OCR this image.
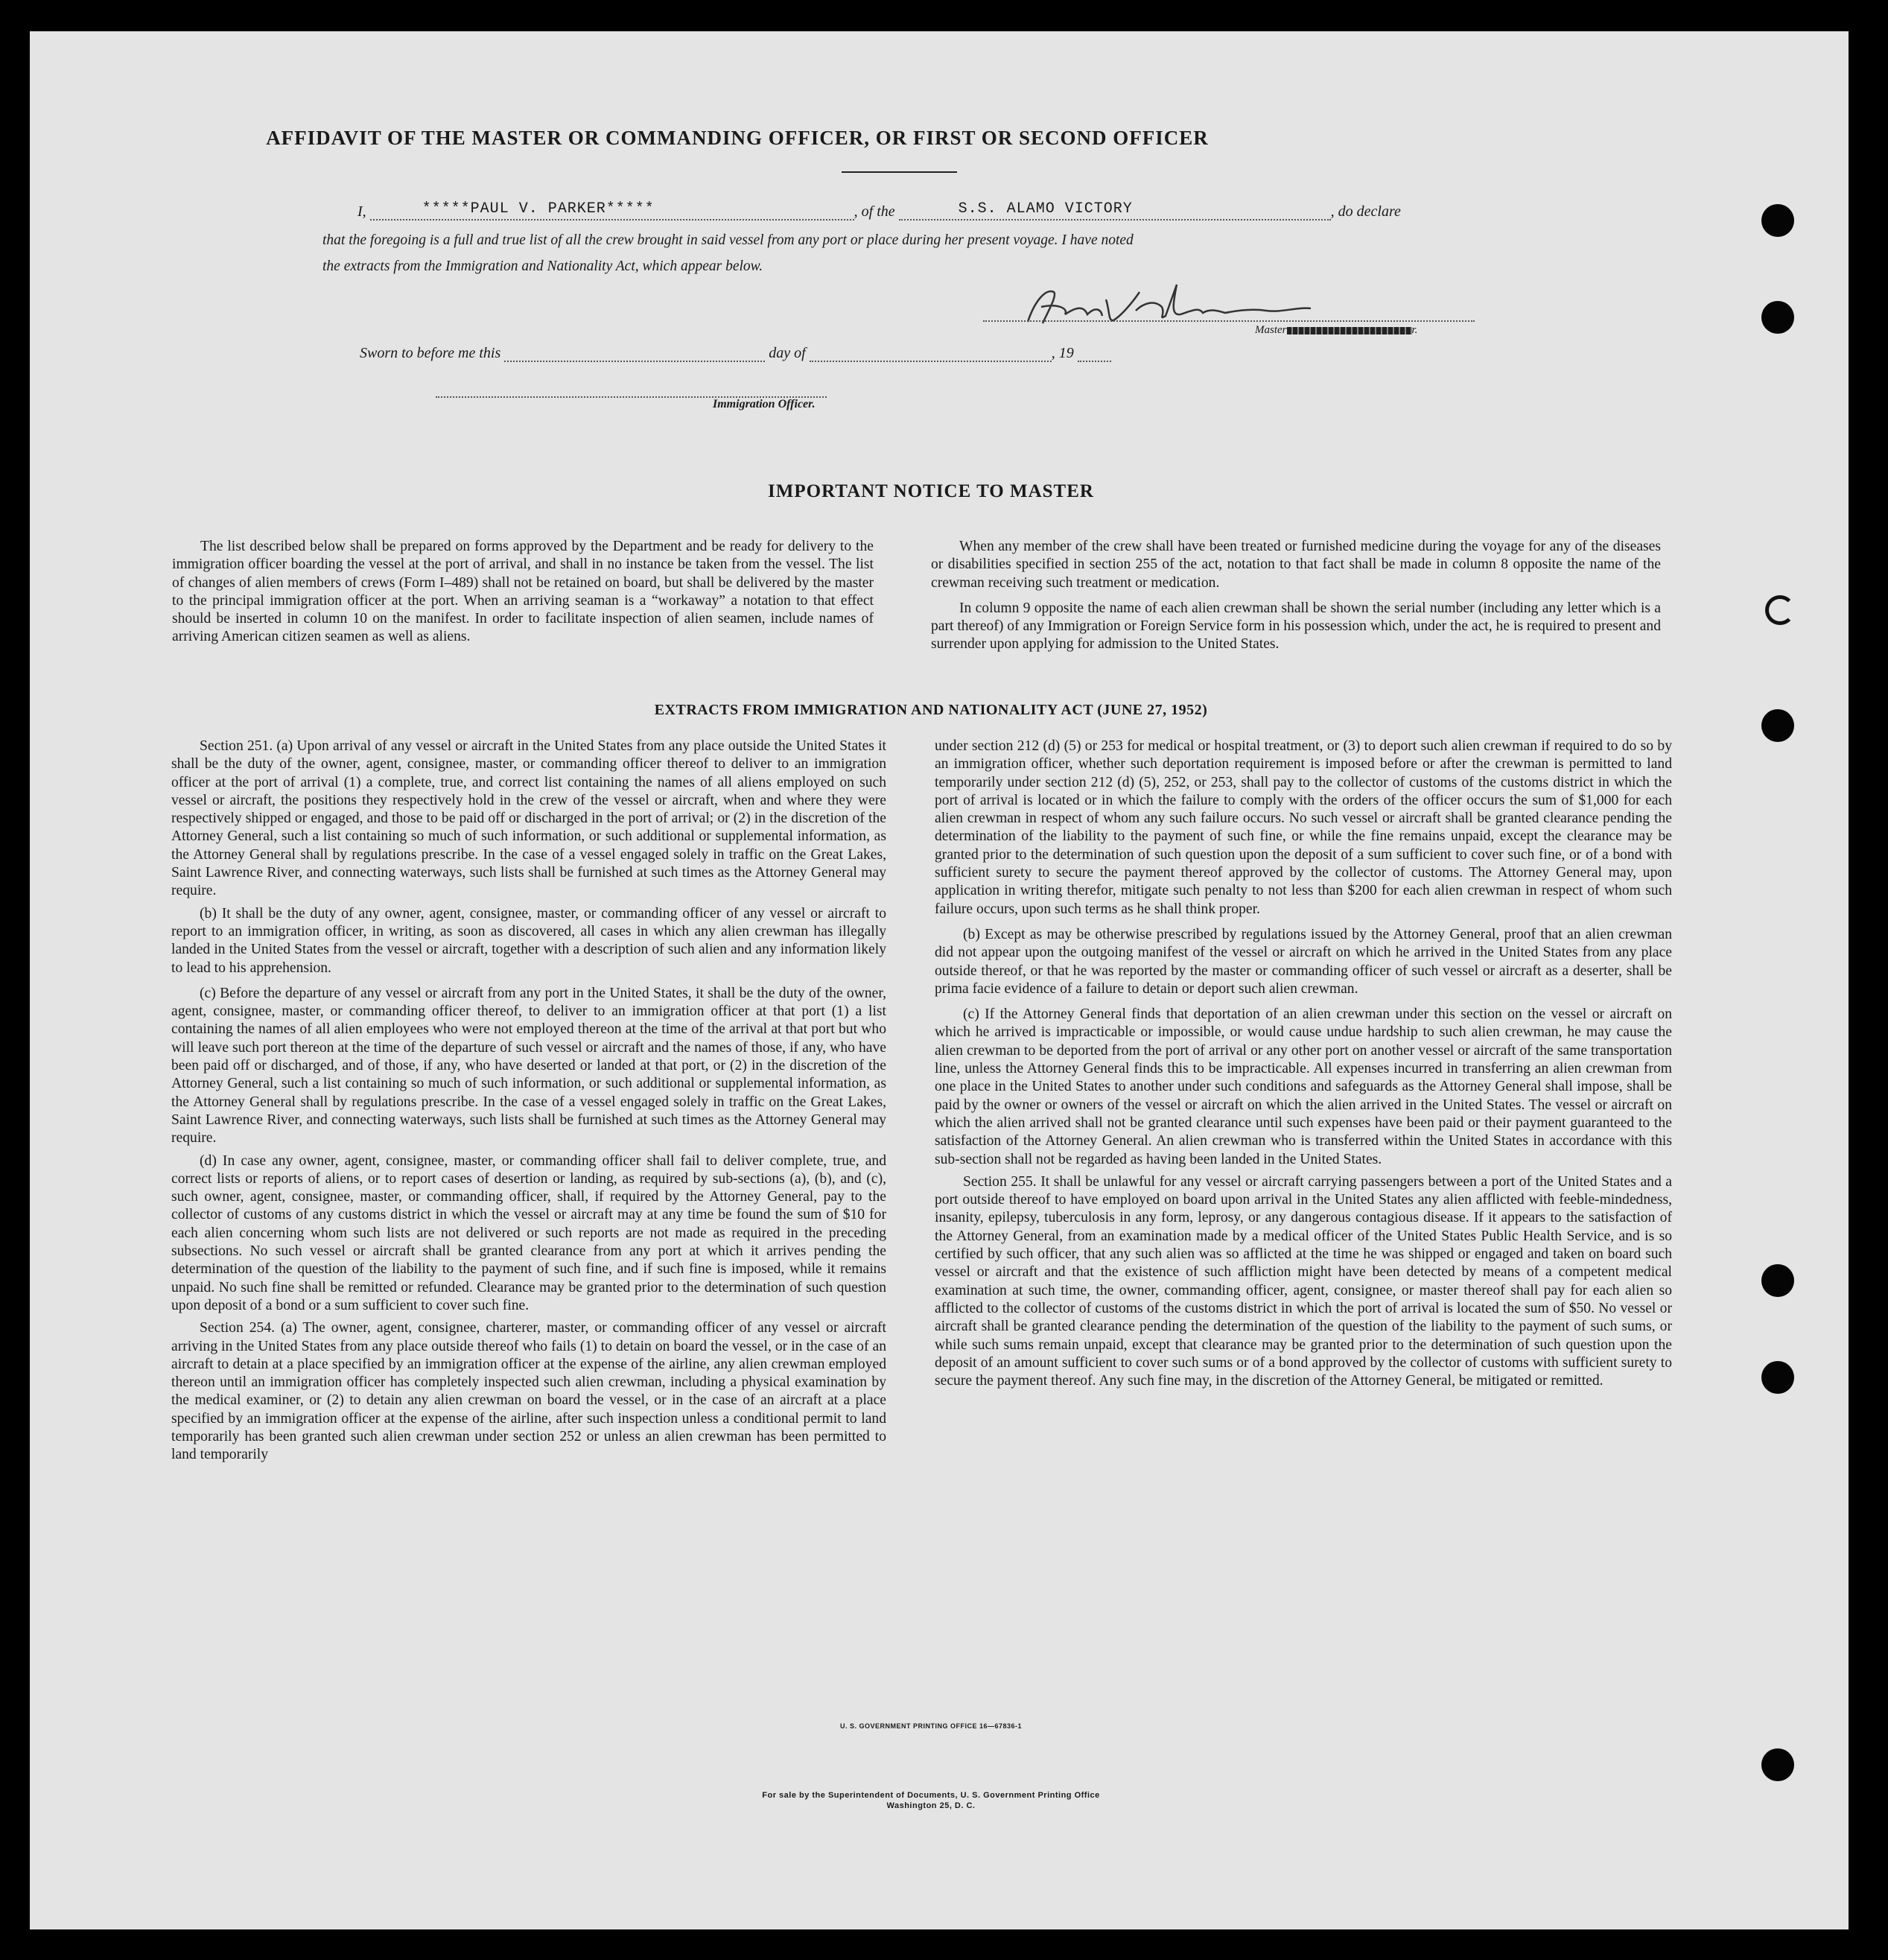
AFFIDAVIT OF THE MASTER OR COMMANDING OFFICER, OR FIRST OR SECOND OFFICER
I,	*****PAUL V. PARKER*****	, of the	S.S. ALAMO VICTORY	, do declare
that the foregoing is a full and true list of all the crew brought in said vessel from any port or place during her present voyage. I have noted
the extracts from the Immigration and Nationality Act, which appear below.
Master	r.
Sworn to before me this	day of	, 19
Immigration Officer.
IMPORTANT NOTICE TO MASTER

The list described below shall be prepared on forms approved by the Department and be ready for delivery to the immigration officer boarding the vessel at the port of arrival, and shall in no instance be taken from the vessel. The list of changes of alien members of crews (Form I–489) shall not be retained on board, but shall be delivered by the master to the principal immigration officer at the port. When an arriving seaman is a “workaway” a notation to that effect should be inserted in column 10 on the manifest. In order to facilitate inspection of alien seamen, include names of arriving American citizen seamen as well as aliens.

When any member of the crew shall have been treated or furnished medicine during the voyage for any of the diseases or disabilities specified in section 255 of the act, notation to that fact shall be made in column 8 opposite the name of the crewman receiving such treatment or medication.

In column 9 opposite the name of each alien crewman shall be shown the serial number (including any letter which is a part thereof) of any Immigration or Foreign Service form in his possession which, under the act, he is required to present and surrender upon applying for admission to the United States.

EXTRACTS FROM IMMIGRATION AND NATIONALITY ACT (JUNE 27, 1952)

Section 251. (a) Upon arrival of any vessel or aircraft in the United States from any place outside the United States it shall be the duty of the owner, agent, consignee, master, or commanding officer thereof to deliver to an immigration officer at the port of arrival (1) a complete, true, and correct list containing the names of all aliens employed on such vessel or aircraft, the positions they respectively hold in the crew of the vessel or aircraft, when and where they were respectively shipped or engaged, and those to be paid off or discharged in the port of arrival; or (2) in the discretion of the Attorney General, such a list containing so much of such information, or such additional or supplemental information, as the Attorney General shall by regulations prescribe. In the case of a vessel engaged solely in traffic on the Great Lakes, Saint Lawrence River, and connecting waterways, such lists shall be furnished at such times as the Attorney General may require.

(b) It shall be the duty of any owner, agent, consignee, master, or commanding officer of any vessel or aircraft to report to an immigration officer, in writing, as soon as discovered, all cases in which any alien crewman has illegally landed in the United States from the vessel or aircraft, together with a description of such alien and any information likely to lead to his apprehension.

(c) Before the departure of any vessel or aircraft from any port in the United States, it shall be the duty of the owner, agent, consignee, master, or commanding officer thereof, to deliver to an immigration officer at that port (1) a list containing the names of all alien employees who were not employed thereon at the time of the arrival at that port but who will leave such port thereon at the time of the departure of such vessel or aircraft and the names of those, if any, who have been paid off or discharged, and of those, if any, who have deserted or landed at that port, or (2) in the discretion of the Attorney General, such a list containing so much of such information, or such additional or supplemental information, as the Attorney General shall by regulations prescribe. In the case of a vessel engaged solely in traffic on the Great Lakes, Saint Lawrence River, and connecting waterways, such lists shall be furnished at such times as the Attorney General may require.

(d) In case any owner, agent, consignee, master, or commanding officer shall fail to deliver complete, true, and correct lists or reports of aliens, or to report cases of desertion or landing, as required by sub-sections (a), (b), and (c), such owner, agent, consignee, master, or commanding officer, shall, if required by the Attorney General, pay to the collector of customs of any customs district in which the vessel or aircraft may at any time be found the sum of $10 for each alien concerning whom such lists are not delivered or such reports are not made as required in the preceding subsections. No such vessel or aircraft shall be granted clearance from any port at which it arrives pending the determination of the question of the liability to the payment of such fine, and if such fine is imposed, while it remains unpaid. No such fine shall be remitted or refunded. Clearance may be granted prior to the determination of such question upon deposit of a bond or a sum sufficient to cover such fine.

Section 254. (a) The owner, agent, consignee, charterer, master, or commanding officer of any vessel or aircraft arriving in the United States from any place outside thereof who fails (1) to detain on board the vessel, or in the case of an aircraft to detain at a place specified by an immigration officer at the expense of the airline, any alien crewman employed thereon until an immigration officer has completely inspected such alien crewman, including a physical examination by the medical examiner, or (2) to detain any alien crewman on board the vessel, or in the case of an aircraft at a place specified by an immigration officer at the expense of the airline, after such inspection unless a conditional permit to land temporarily has been granted such alien crewman under section 252 or unless an alien crewman has been permitted to land temporarily

under section 212 (d) (5) or 253 for medical or hospital treatment, or (3) to deport such alien crewman if required to do so by an immigration officer, whether such deportation requirement is imposed before or after the crewman is permitted to land temporarily under section 212 (d) (5), 252, or 253, shall pay to the collector of customs of the customs district in which the port of arrival is located or in which the failure to comply with the orders of the officer occurs the sum of $1,000 for each alien crewman in respect of whom any such failure occurs. No such vessel or aircraft shall be granted clearance pending the determination of the liability to the payment of such fine, or while the fine remains unpaid, except the clearance may be granted prior to the determination of such question upon the deposit of a sum sufficient to cover such fine, or of a bond with sufficient surety to secure the payment thereof approved by the collector of customs. The Attorney General may, upon application in writing therefor, mitigate such penalty to not less than $200 for each alien crewman in respect of whom such failure occurs, upon such terms as he shall think proper.

(b) Except as may be otherwise prescribed by regulations issued by the Attorney General, proof that an alien crewman did not appear upon the outgoing manifest of the vessel or aircraft on which he arrived in the United States from any place outside thereof, or that he was reported by the master or commanding officer of such vessel or aircraft as a deserter, shall be prima facie evidence of a failure to detain or deport such alien crewman.

(c) If the Attorney General finds that deportation of an alien crewman under this section on the vessel or aircraft on which he arrived is impracticable or impossible, or would cause undue hardship to such alien crewman, he may cause the alien crewman to be deported from the port of arrival or any other port on another vessel or aircraft of the same transportation line, unless the Attorney General finds this to be impracticable. All expenses incurred in transferring an alien crewman from one place in the United States to another under such conditions and safeguards as the Attorney General shall impose, shall be paid by the owner or owners of the vessel or aircraft on which the alien arrived in the United States. The vessel or aircraft on which the alien arrived shall not be granted clearance until such expenses have been paid or their payment guaranteed to the satisfaction of the Attorney General. An alien crewman who is transferred within the United States in accordance with this sub-section shall not be regarded as having been landed in the United States.

Section 255. It shall be unlawful for any vessel or aircraft carrying passengers between a port of the United States and a port outside thereof to have employed on board upon arrival in the United States any alien afflicted with feeble-mindedness, insanity, epilepsy, tuberculosis in any form, leprosy, or any dangerous contagious disease. If it appears to the satisfaction of the Attorney General, from an examination made by a medical officer of the United States Public Health Service, and is so certified by such officer, that any such alien was so afflicted at the time he was shipped or engaged and taken on board such vessel or aircraft and that the existence of such affliction might have been detected by means of a competent medical examination at such time, the owner, commanding officer, agent, consignee, or master thereof shall pay for each alien so afflicted to the collector of customs of the customs district in which the port of arrival is located the sum of $50. No vessel or aircraft shall be granted clearance pending the determination of the question of the liability to the payment of such sums, or while such sums remain unpaid, except that clearance may be granted prior to the determination of such question upon the deposit of an amount sufficient to cover such sums or of a bond approved by the collector of customs with sufficient surety to secure the payment thereof. Any such fine may, in the discretion of the Attorney General, be mitigated or remitted.

U. S. GOVERNMENT PRINTING OFFICE 16—67836-1
For sale by the Superintendent of Documents, U. S. Government Printing Office
Washington 25, D. C.
